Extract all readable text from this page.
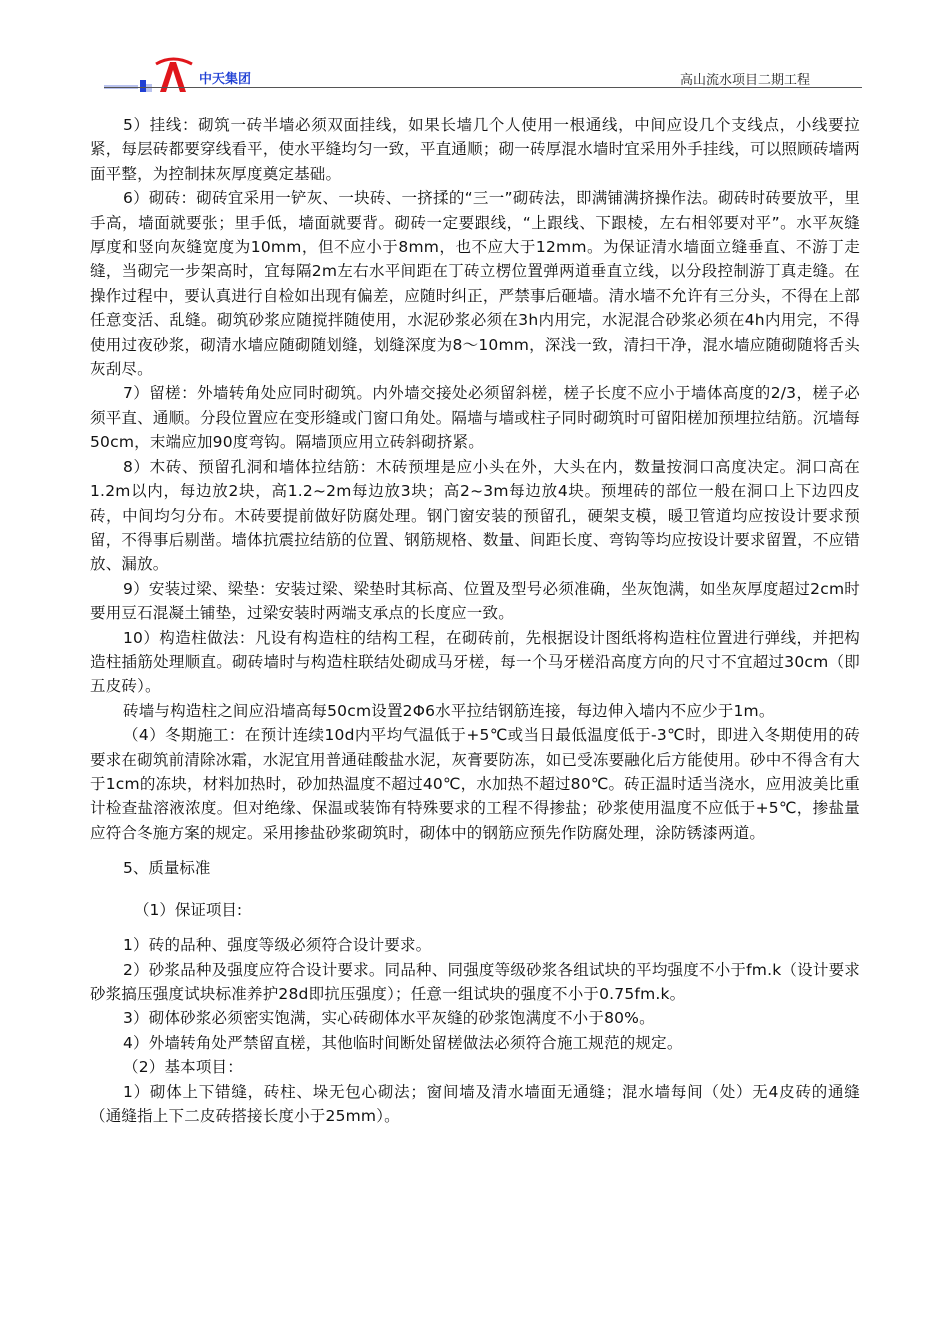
中天集团	高山流水项目二期工程

5）挂线：砌筑一砖半墙必须双面挂线，如果长墙几个人使用一根通线，中间应设几个支线点，小线要拉紧，每层砖都要穿线看平，使水平缝均匀一致，平直通顺；砌一砖厚混水墙时宜采用外手挂线，可以照顾砖墙两面平整，为控制抹灰厚度奠定基础。

6）砌砖：砌砖宜采用一铲灰、一块砖、一挤揉的“三一”砌砖法，即满铺满挤操作法。砌砖时砖要放平，里手高，墙面就要张；里手低，墙面就要背。砌砖一定要跟线，“上跟线、下跟棱，左右相邻要对平”。水平灰缝厚度和竖向灰缝宽度为10mm，但不应小于8mm，也不应大于12mm。为保证清水墙面立缝垂直、不游丁走缝，当砌完一步架高时，宜每隔2m左右水平间距在丁砖立楞位置弹两道垂直立线，以分段控制游丁真走缝。在操作过程中，要认真进行自检如出现有偏差，应随时纠正，严禁事后砸墙。清水墙不允许有三分头，不得在上部任意变活、乱缝。砌筑砂浆应随搅拌随使用，水泥砂浆必须在3h内用完，水泥混合砂浆必须在4h内用完，不得使用过夜砂浆，砌清水墙应随砌随划缝，划缝深度为8～10mm，深浅一致，清扫干净，混水墙应随砌随将舌头灰刮尽。

7）留槎：外墙转角处应同时砌筑。内外墙交接处必须留斜槎，槎子长度不应小于墙体高度的2/3，槎子必须平直、通顺。分段位置应在变形缝或门窗口角处。隔墙与墙或柱子同时砌筑时可留阳槎加预埋拉结筋。沉墙每50cm，末端应加90度弯钩。隔墙顶应用立砖斜砌挤紧。

8）木砖、预留孔洞和墙体拉结筋：木砖预埋是应小头在外，大头在内，数量按洞口高度决定。洞口高在1.2m以内，每边放2块，高1.2~2m每边放3块；高2~3m每边放4块。预埋砖的部位一般在洞口上下边四皮砖，中间均匀分布。木砖要提前做好防腐处理。钢门窗安装的预留孔，硬架支模，暖卫管道均应按设计要求预留，不得事后剔凿。墙体抗震拉结筋的位置、钢筋规格、数量、间距长度、弯钩等均应按设计要求留置，不应错放、漏放。

9）安装过梁、梁垫：安装过梁、梁垫时其标高、位置及型号必须准确，坐灰饱满，如坐灰厚度超过2cm时要用豆石混凝土铺垫，过梁安装时两端支承点的长度应一致。

10）构造柱做法：凡设有构造柱的结构工程，在砌砖前，先根据设计图纸将构造柱位置进行弹线，并把构造柱插筋处理顺直。砌砖墙时与构造柱联结处砌成马牙槎，每一个马牙槎沿高度方向的尺寸不宜超过30cm（即五皮砖）。

砖墙与构造柱之间应沿墙高每50cm设置2Φ6水平拉结钢筋连接，每边伸入墙内不应少于1m。

（4）冬期施工：在预计连续10d内平均气温低于+5℃或当日最低温度低于-3℃时，即进入冬期使用的砖要求在砌筑前清除冰霜，水泥宜用普通硅酸盐水泥，灰膏要防冻，如已受冻要融化后方能使用。砂中不得含有大于1cm的冻块，材料加热时，砂加热温度不超过40℃，水加热不超过80℃。砖正温时适当浇水，应用波美比重计检查盐溶液浓度。但对绝缘、保温或装饰有特殊要求的工程不得掺盐；砂浆使用温度不应低于+5℃，掺盐量应符合冬施方案的规定。采用掺盐砂浆砌筑时，砌体中的钢筋应预先作防腐处理，涂防锈漆两道。

5、质量标准

（1）保证项目:

1）砖的品种、强度等级必须符合设计要求。

2）砂浆品种及强度应符合设计要求。同品种、同强度等级砂浆各组试块的平均强度不小于fm.k（设计要求砂浆搞压强度试块标准养护28d即抗压强度）；任意一组试块的强度不小于0.75fm.k。

3）砌体砂浆必须密实饱满，实心砖砌体水平灰缝的砂浆饱满度不小于80%。

4）外墙转角处严禁留直槎，其他临时间断处留槎做法必须符合施工规范的规定。

（2）基本项目：

1）砌体上下错缝，砖柱、垛无包心砌法；窗间墙及清水墙面无通缝；混水墙每间（处）无4皮砖的通缝（通缝指上下二皮砖搭接长度小于25mm）。
